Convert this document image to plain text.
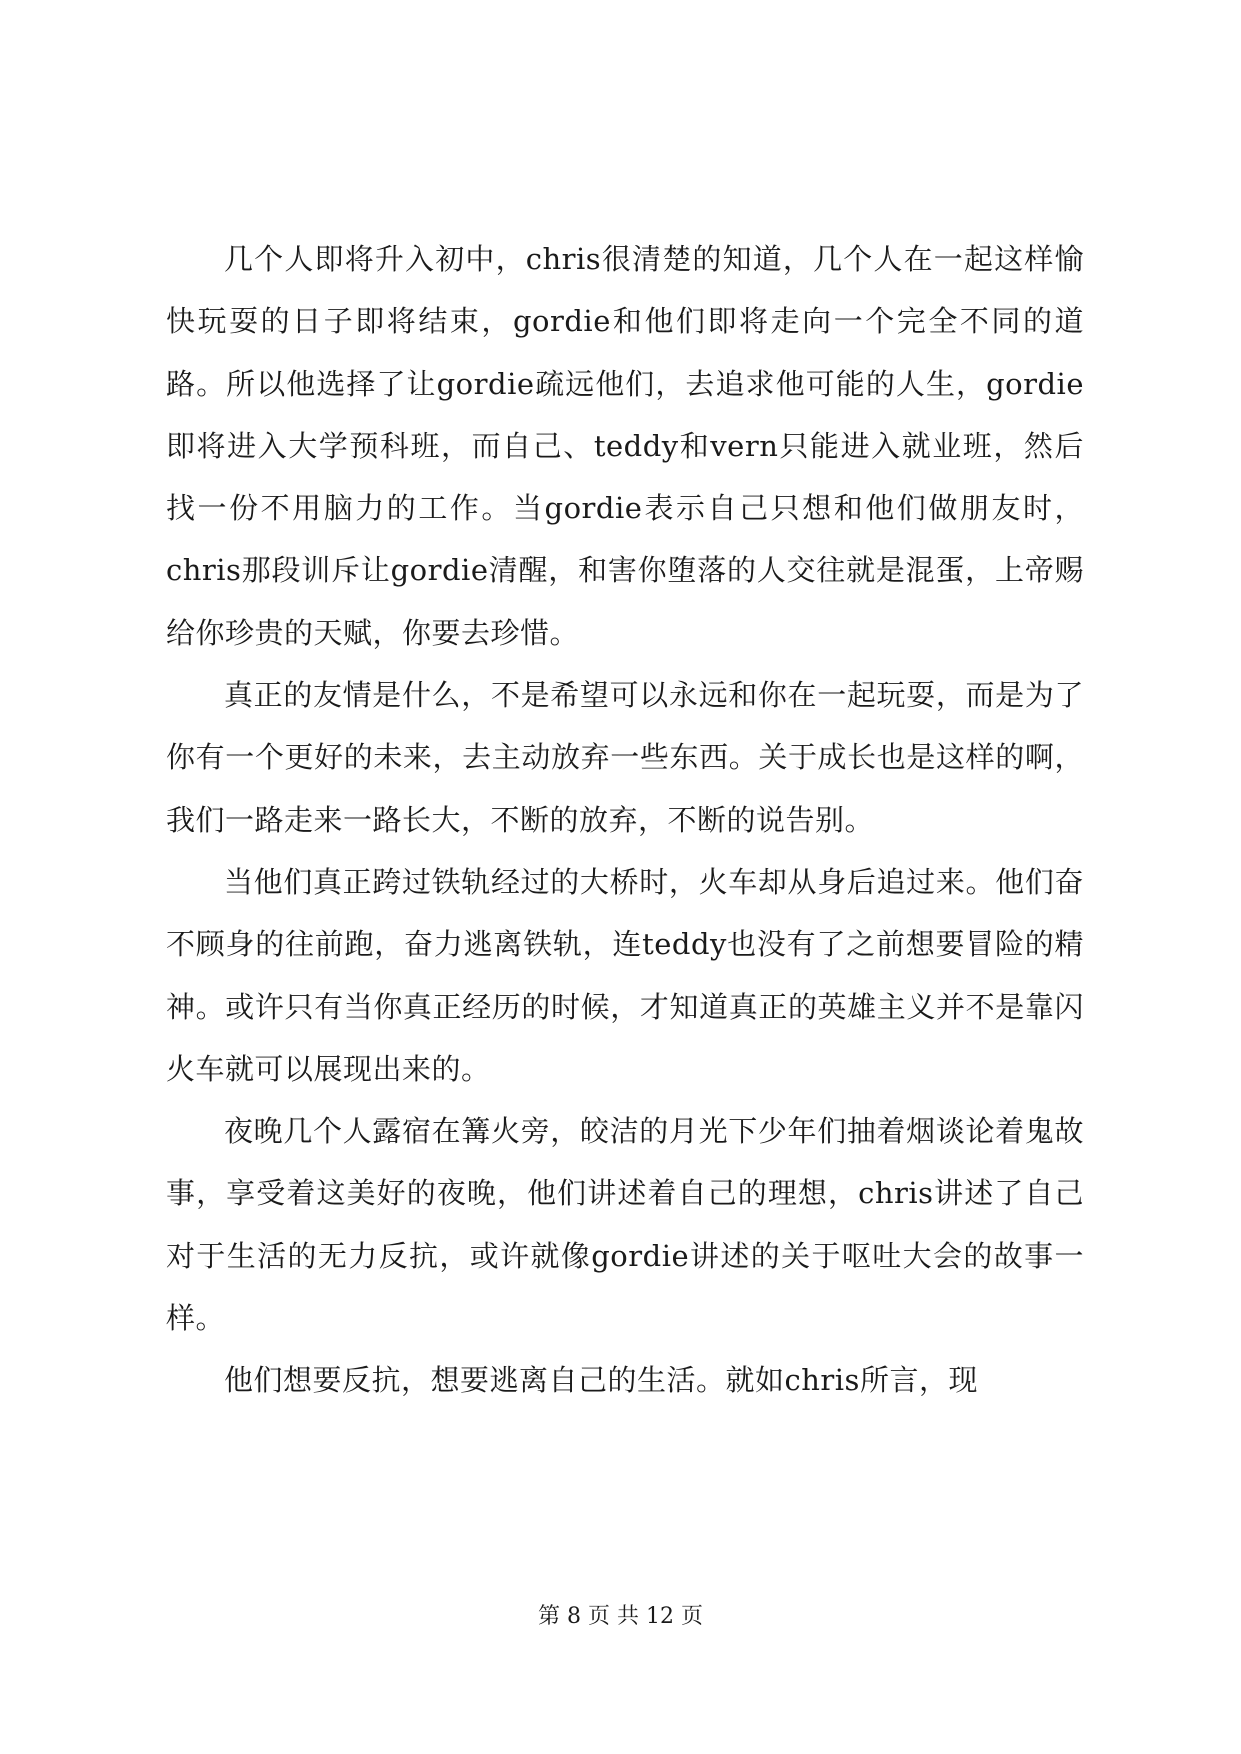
几个人即将升入初中，chris很清楚的知道，几个人在一起这样愉快玩耍的日子即将结束，gordie和他们即将走向一个完全不同的道路。所以他选择了让gordie疏远他们，去追求他可能的人生，gordie即将进入大学预科班，而自己、teddy和vern只能进入就业班，然后找一份不用脑力的工作。当gordie表示自己只想和他们做朋友时，chris那段训斥让gordie清醒，和害你堕落的人交往就是混蛋，上帝赐给你珍贵的天赋，你要去珍惜。

真正的友情是什么，不是希望可以永远和你在一起玩耍，而是为了你有一个更好的未来，去主动放弃一些东西。关于成长也是这样的啊，我们一路走来一路长大，不断的放弃，不断的说告别。

当他们真正跨过铁轨经过的大桥时，火车却从身后追过来。他们奋不顾身的往前跑，奋力逃离铁轨，连teddy也没有了之前想要冒险的精神。或许只有当你真正经历的时候，才知道真正的英雄主义并不是靠闪火车就可以展现出来的。

夜晚几个人露宿在篝火旁，皎洁的月光下少年们抽着烟谈论着鬼故事，享受着这美好的夜晚，他们讲述着自己的理想，chris讲述了自己对于生活的无力反抗，或许就像gordie讲述的关于呕吐大会的故事一样。

他们想要反抗，想要逃离自己的生活。就如chris所言，现

第 8 页 共 12 页
